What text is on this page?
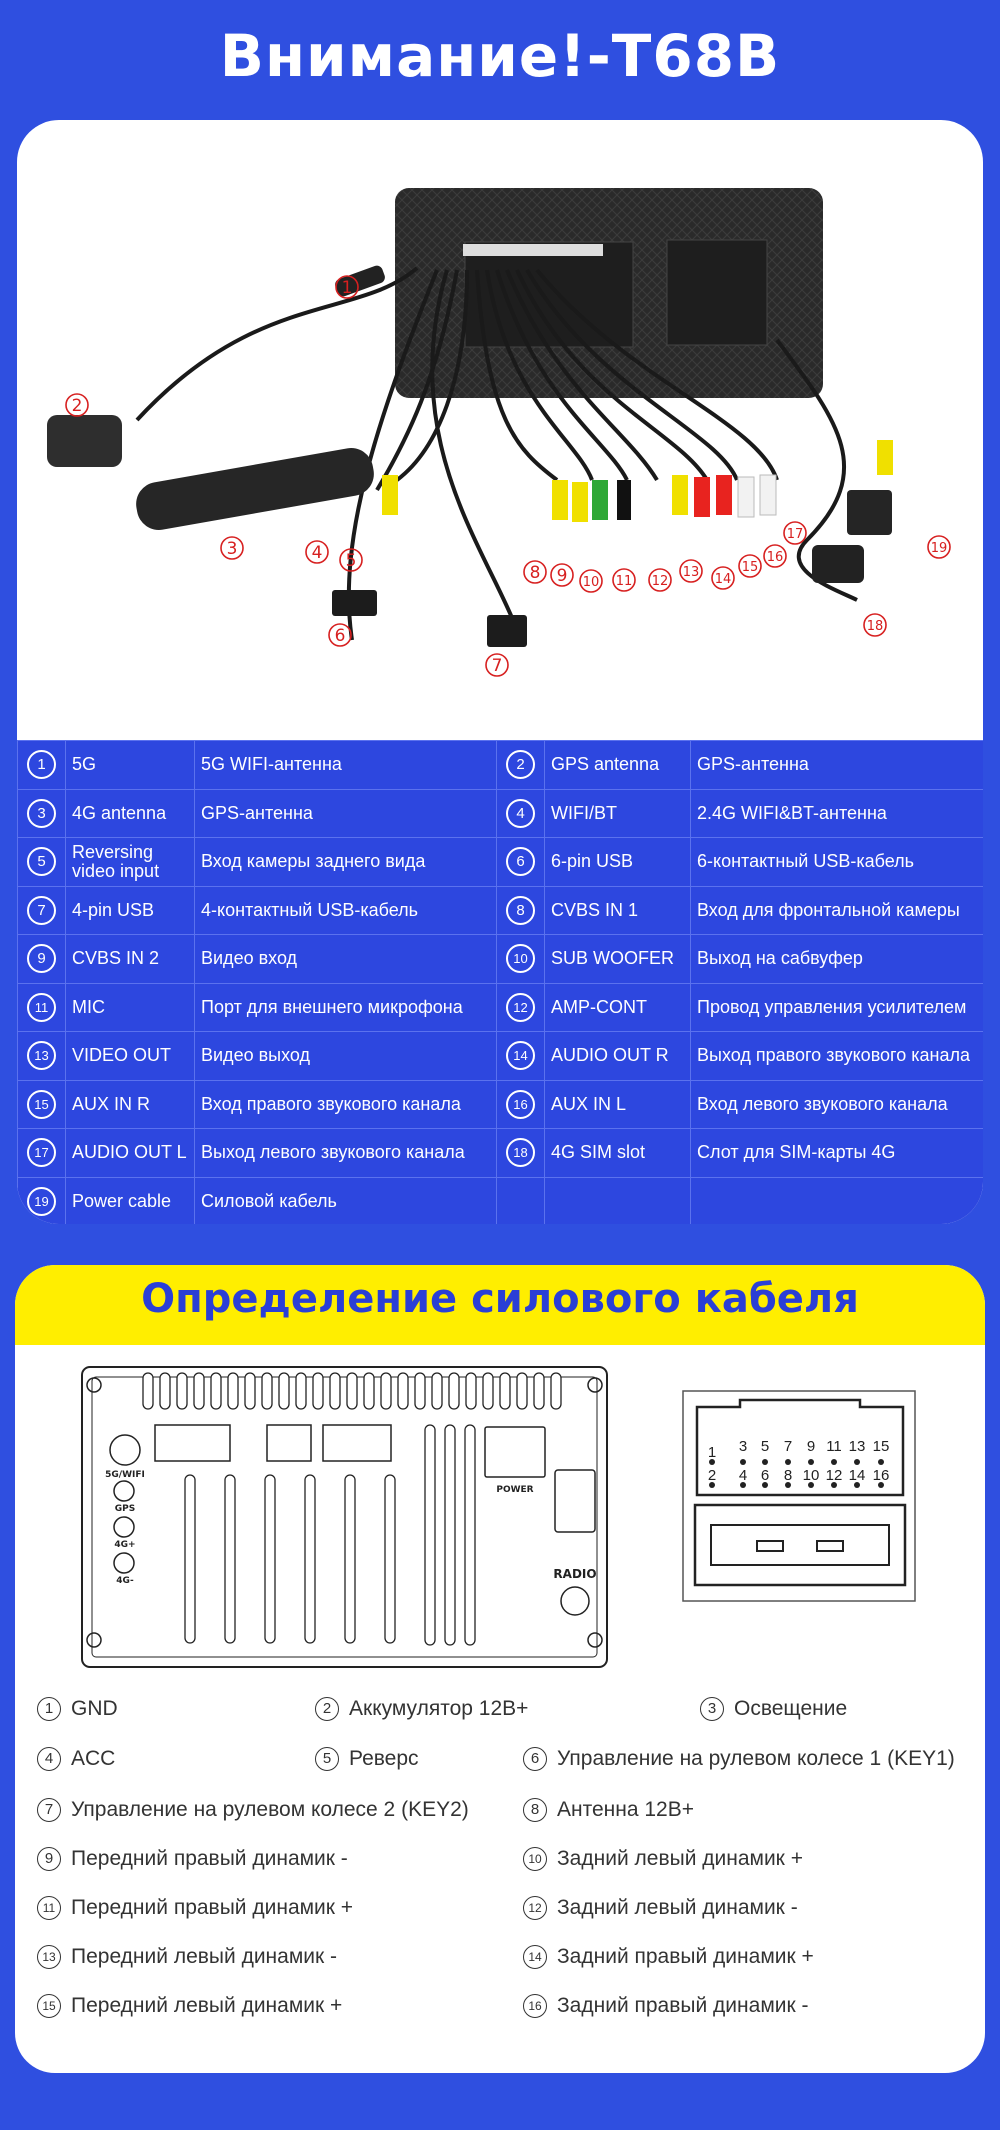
Внимание!-T68B
1
2
3	4 5
6
7
8 9 10 11 12
13 14
15
16
17
18
19
1	5G	5G WIFI-антенна	2	GPS antenna	GPS-антенна
3	4G antenna	GPS-антенна	4	WIFI/BT	2.4G WIFI&BT-антенна
5	Reversing video input	Вход камеры заднего вида	6	6-pin USB	6-контактный USB-кабель
7	4-pin USB	4-контактный USB-кабель	8	CVBS IN 1	Вход для фронтальной камеры
9	CVBS IN 2	Видео вход	10	SUB WOOFER	Выход на сабвуфер
11	MIC	Порт для внешнего микрофона	12	AMP-CONT	Провод управления усилителем
13	VIDEO OUT	Видео выход	14	AUDIO OUT R	Выход правого звукового канала
15	AUX IN R	Вход правого звукового канала	16	AUX IN L	Вход левого звукового канала
17	AUDIO OUT L	Выход левого звукового канала	18	4G SIM slot	Слот для SIM-карты 4G
19	Power cable	Силовой кабель			
Определение силового кабеля
5G/WIFI
GPS
4G+
4G-
POWER
RADIO
1 3 5 7 9 11 13 15
2 4 6 8 10 12 14 16
1 GND	2 Аккумулятор 12В+	3 Освещение
4 ACC	5 Реверс	6 Управление на рулевом колесе 1 (KEY1)
7 Управление на рулевом колесе 2 (KEY2)	8 Антенна 12В+
9 Передний правый динамик -	10 Задний левый динамик +
11 Передний правый динамик +	12 Задний левый динамик -
13 Передний левый динамик -	14 Задний правый динамик +
15 Передний левый динамик +	16 Задний правый динамик -
